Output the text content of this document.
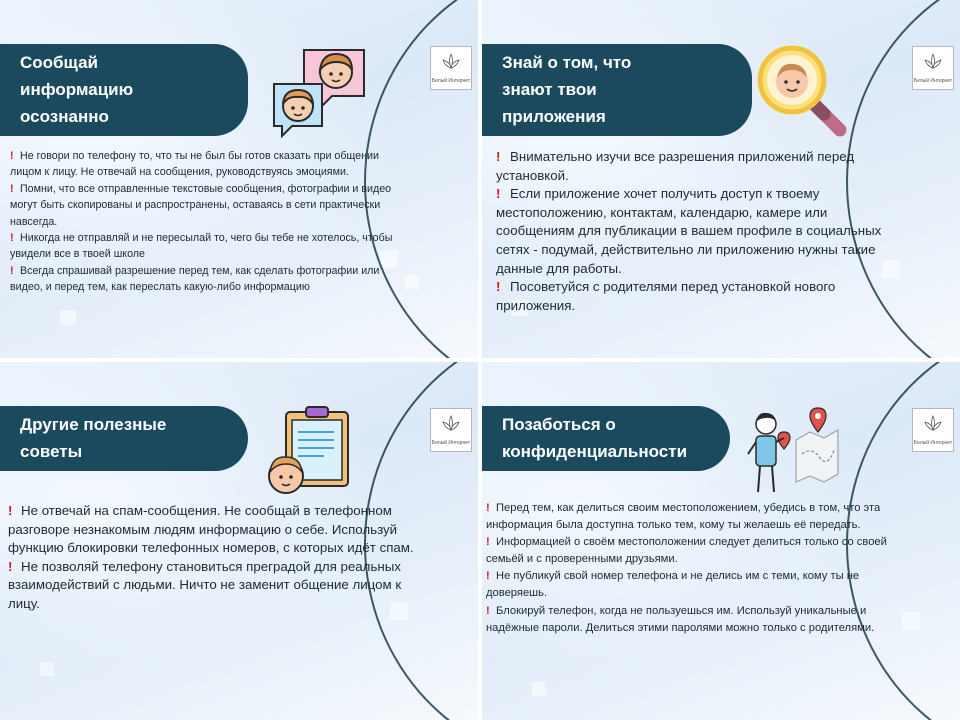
Сообщай
информацию
осознанно
Белый Интернет

! Не говори по телефону то, что ты не был бы готов сказать при общении лицом к лицу. Не отвечай на сообщения, руководствуясь эмоциями.

! Помни, что все отправленные текстовые сообщения, фотографии и видео могут быть скопированы и распространены, оставаясь в сети практически навсегда.

! Никогда не отправляй и не пересылай то, чего бы тебе не хотелось, чтобы увидели все в твоей школе

! Всегда спрашивай разрешение перед тем, как сделать фотографии или видео, и перед тем, как переслать какую-либо информацию

Знай о том, что
знают твои
приложения
Белый Интернет

! Внимательно изучи все разрешения приложений перед установкой.

! Если приложение хочет получить доступ к твоему местоположению, контактам, календарю, камере или сообщениям для публикации в вашем профиле в социальных сетях - подумай, действительно ли приложению нужны такие данные для работы.

! Посоветуйся с родителями перед установкой нового приложения.

Другие полезные
советы	Белый Интернет

! Не отвечай на спам-сообщения. Не сообщай в телефонном разговоре незнакомым людям информацию о себе. Используй функцию блокировки телефонных номеров, с которых идёт спам.

! Не позволяй телефону становиться преградой для реальных взаимодействий с людьми. Ничто не заменит общение лицом к лицу.

Позаботься о
конфиденциальности	Белый Интернет

! Перед тем, как делиться своим местоположением, убедись в том, что эта информация была доступна только тем, кому ты желаешь её передать.

! Информацией о своём местоположении следует делиться только со своей семьёй и с проверенными друзьями.

! Не публикуй свой номер телефона и не делись им с теми, кому ты не доверяешь.

! Блокируй телефон, когда не пользуешься им. Используй уникальные и надёжные пароли. Делиться этими паролями можно только с родителями.
